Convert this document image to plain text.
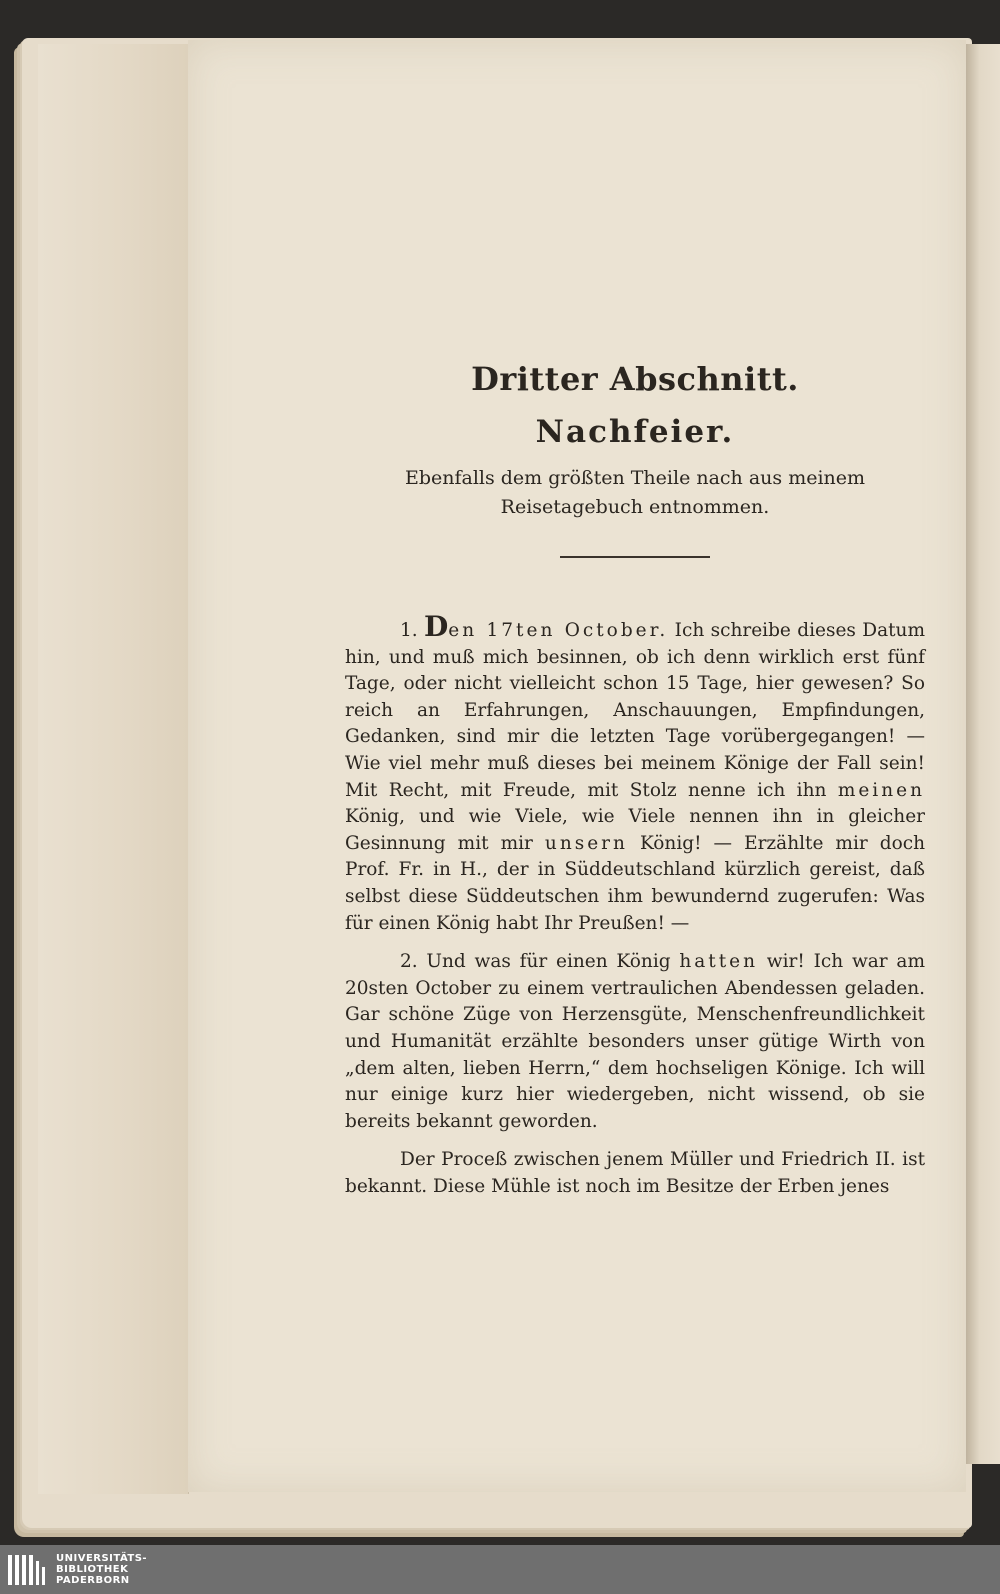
Dritter Abschnitt.
Nachfeier.

Ebenfalls dem größten Theile nach aus meinem Reisetagebuch entnommen.

1. Den 17ten October. Ich schreibe dieses Datum hin, und muß mich besinnen, ob ich denn wirklich erst fünf Tage, oder nicht vielleicht schon 15 Tage, hier gewesen? So reich an Erfahrungen, Anschauungen, Empfindungen, Gedanken, sind mir die letzten Tage vorübergegangen! — Wie viel mehr muß dieses bei meinem Könige der Fall sein! Mit Recht, mit Freude, mit Stolz nenne ich ihn meinen König, und wie Viele, wie Viele nennen ihn in gleicher Gesinnung mit mir unsern König! — Erzählte mir doch Prof. Fr. in H., der in Süddeutschland kürzlich gereist, daß selbst diese Süddeutschen ihm bewundernd zugerufen: Was für einen König habt Ihr Preußen! —

2. Und was für einen König hatten wir! Ich war am 20sten October zu einem vertraulichen Abendessen geladen. Gar schöne Züge von Herzensgüte, Menschenfreundlichkeit und Humanität erzählte besonders unser gütige Wirth von „dem alten, lieben Herrn,“ dem hochseligen Könige. Ich will nur einige kurz hier wiedergeben, nicht wissend, ob sie bereits bekannt geworden.

Der Proceß zwischen jenem Müller und Friedrich II. ist bekannt. Diese Mühle ist noch im Besitze der Erben jenes

UNIVERSITÄTS-
BIBLIOTHEK
PADERBORN
